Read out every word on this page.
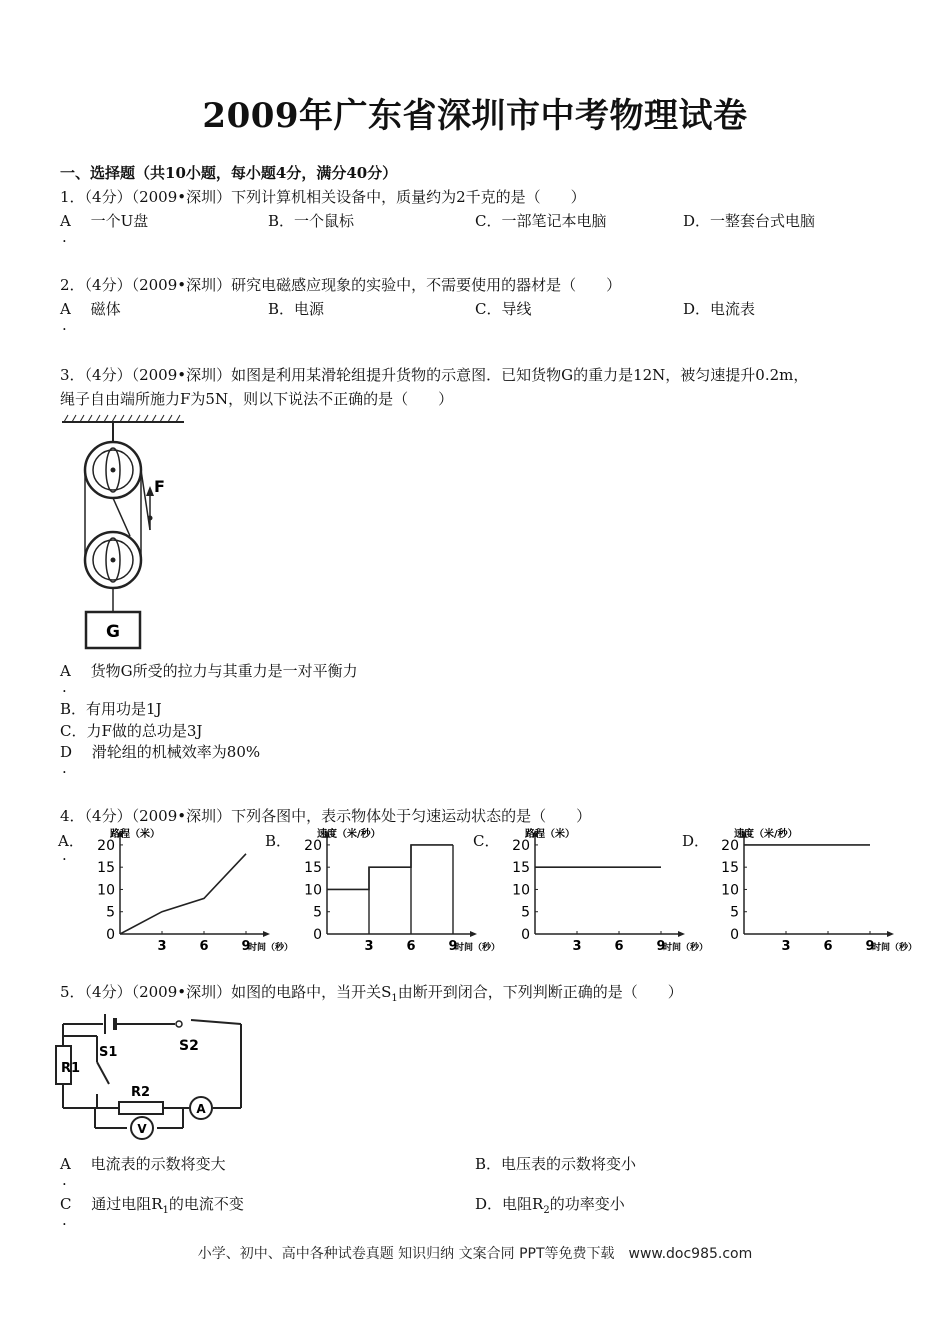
2009年广东省深圳市中考物理试卷
一、选择题（共10小题，每小题4分，满分40分）
1．（4分）（2009•深圳）下列计算机相关设备中，质量约为2千克的是（　　）
A　 一个U盘
.
B．一个鼠标	C．一部笔记本电脑	D．一整套台式电脑
2．（4分）（2009•深圳）研究电磁感应现象的实验中，不需要使用的器材是（　　）
A　 磁体
.
B．电源	C．导线	D．电流表
3．（4分）（2009•深圳）如图是利用某滑轮组提升货物的示意图．已知货物G的重力是12N，被匀速提升0.2m，
绳子自由端所施力F为5N，则以下说法不正确的是（　　）
F
G
A　 货物G所受的拉力与其重力是一对平衡力
.
B．有用功是1J
C．力F做的总功是3J
D　 滑轮组的机械效率为80%
.
4．（4分）（2009•深圳）下列各图中，表示物体处于匀速运动状态的是（　　）
.
A．	路程（米）
时间（秒）
0
5
10
15
20
3	6	9
B．	速度（米/秒）
时间（秒）
0
5
10
15
20
3	6	9
C．	路程（米）
时间（秒）
0
5
10
15
20
3	6	9
D． 速度（米/秒）
时间（秒）
0
5
10
15
20
3	6	9
5．（4分）（2009•深圳）如图的电路中，当开关$S_1$由断开到闭合，下列判断正确的是（　　）
S2
S1
R1
R2
A
V
A　 电流表的示数将变大
.
B．电压表的示数将变小
C　 通过电阻$R_1$的电流不变
.
D．电阻$R_2$的功率变小
小学、初中、高中各种试卷真题 知识归纳 文案合同 PPT等免费下载　www.doc985.com
